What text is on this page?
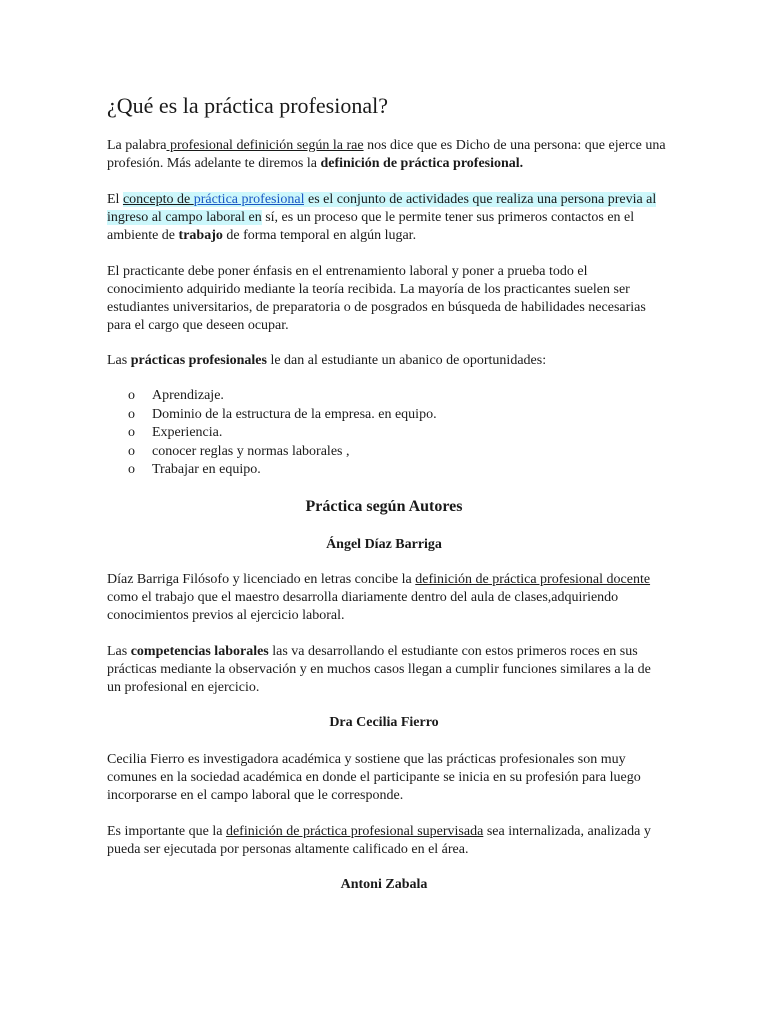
¿Qué es la práctica profesional?

La palabra profesional definición según la rae nos dice que es Dicho de una persona: que ejerce una profesión. Más adelante te diremos la definición de práctica profesional.

El concepto de práctica profesional es el conjunto de actividades que realiza una persona previa al ingreso al campo laboral en sí, es un proceso que le permite tener sus primeros contactos en el ambiente de trabajo de forma temporal en algún lugar.

El practicante debe poner énfasis en el entrenamiento laboral y poner a prueba todo el conocimiento adquirido mediante la teoría recibida. La mayoría de los practicantes suelen ser estudiantes universitarios, de preparatoria o de posgrados en búsqueda de habilidades necesarias para el cargo que deseen ocupar.

Las prácticas profesionales le dan al estudiante un abanico de oportunidades:

o Aprendizaje.
o Dominio de la estructura de la empresa. en equipo.
o Experiencia.
o conocer reglas y normas laborales ,
o Trabajar en equipo.

Práctica según Autores

Ángel Díaz Barriga

Díaz Barriga Filósofo y licenciado en letras concibe la definición de práctica profesional docente como el trabajo que el maestro desarrolla diariamente dentro del aula de clases,adquiriendo conocimientos previos al ejercicio laboral.

Las competencias laborales las va desarrollando el estudiante con estos primeros roces en sus prácticas mediante la observación y en muchos casos llegan a cumplir funciones similares a la de un profesional en ejercicio.

Dra Cecilia Fierro

Cecilia Fierro es investigadora académica y sostiene que las prácticas profesionales son muy comunes en la sociedad académica en donde el participante se inicia en su profesión para luego incorporarse en el campo laboral que le corresponde.

Es importante que la definición de práctica profesional supervisada sea internalizada, analizada y pueda ser ejecutada por personas altamente calificado en el área.

Antoni Zabala
